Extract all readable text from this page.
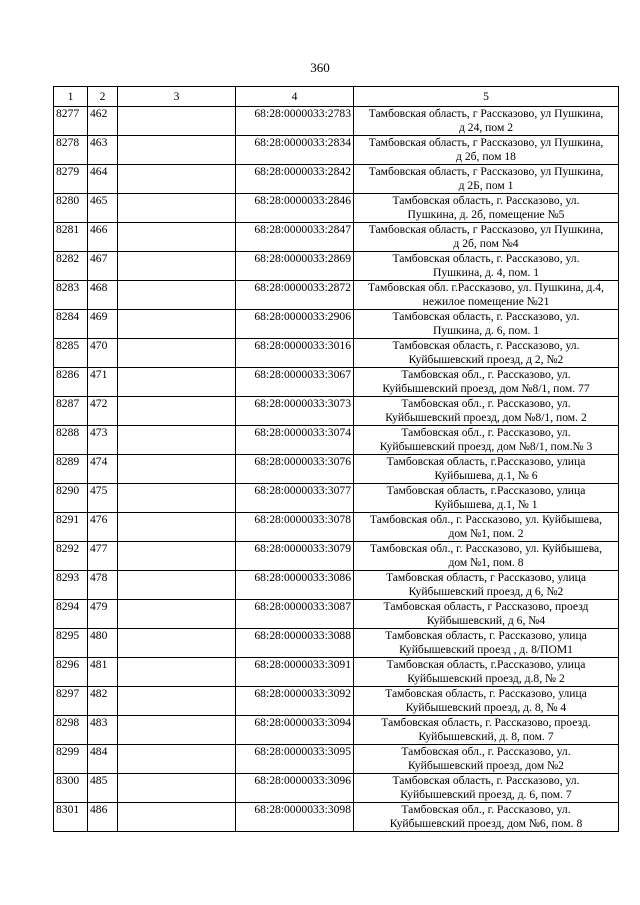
360
1	2	3	4	5
8277	462		68:28:0000033:2783	Тамбовская область, г Рассказово, ул Пушкина,
д 24, пом 2

8278	463		68:28:0000033:2834	Тамбовская область, г Рассказово, ул Пушкина,
д 2б, пом 18

8279	464		68:28:0000033:2842	Тамбовская область, г Рассказово, ул Пушкина,
д 2Б, пом 1

8280	465		68:28:0000033:2846	Тамбовская область, г. Рассказово, ул.
Пушкина, д. 2б, помещение №5

8281	466		68:28:0000033:2847	Тамбовская область, г Рассказово, ул Пушкина,
д 2б, пом №4

8282	467		68:28:0000033:2869	Тамбовская область, г. Рассказово, ул.
Пушкина, д. 4, пом. 1

8283	468		68:28:0000033:2872	Тамбовская обл. г.Рассказово, ул. Пушкина, д.4,
нежилое помещение №21

8284	469		68:28:0000033:2906	Тамбовская область, г. Рассказово, ул.
Пушкина, д. 6, пом. 1

8285	470		68:28:0000033:3016	Тамбовская область, г. Рассказово, ул.
Куйбышевский проезд, д 2, №2

8286	471		68:28:0000033:3067	Тамбовская обл., г. Рассказово, ул.
Куйбышевский проезд, дом №8/1, пом. 77

8287	472		68:28:0000033:3073	Тамбовская обл., г. Рассказово, ул.
Куйбышевский проезд, дом №8/1, пом. 2

8288	473		68:28:0000033:3074	Тамбовская обл., г. Рассказово, ул.
Куйбышевский проезд, дом №8/1, пом.№ 3

8289	474		68:28:0000033:3076	Тамбовская область, г.Рассказово, улица
Куйбышева, д.1, № 6

8290	475		68:28:0000033:3077	Тамбовская область, г.Рассказово, улица
Куйбышева, д.1, № 1

8291	476		68:28:0000033:3078	Тамбовская обл., г. Рассказово, ул. Куйбышева,
дом №1, пом. 2

8292	477		68:28:0000033:3079	Тамбовская обл., г. Рассказово, ул. Куйбышева,
дом №1, пом. 8

8293	478		68:28:0000033:3086	Тамбовская область, г Рассказово, улица
Куйбышевский проезд, д 6, №2

8294	479		68:28:0000033:3087	Тамбовская область, г Рассказово, проезд
Куйбышевский, д 6, №4

8295	480		68:28:0000033:3088	Тамбовская область, г. Рассказово, улица
Куйбышевский проезд , д. 8/ПОМ1

8296	481		68:28:0000033:3091	Тамбовская область, г.Рассказово, улица
Куйбышевский проезд, д.8, № 2

8297	482		68:28:0000033:3092	Тамбовская область, г. Рассказово, улица
Куйбышевский проезд, д. 8, № 4

8298	483		68:28:0000033:3094	Тамбовская область, г. Рассказово, проезд.
Куйбышевский, д. 8, пом. 7

8299	484		68:28:0000033:3095	Тамбовская обл., г. Рассказово, ул.
Куйбышевский проезд, дом №2

8300	485		68:28:0000033:3096	Тамбовская область, г. Рассказово, ул.
Куйбышевский проезд, д. 6, пом. 7

8301	486		68:28:0000033:3098	Тамбовская обл., г. Рассказово, ул.
Куйбышевский проезд, дом №6, пом. 8
